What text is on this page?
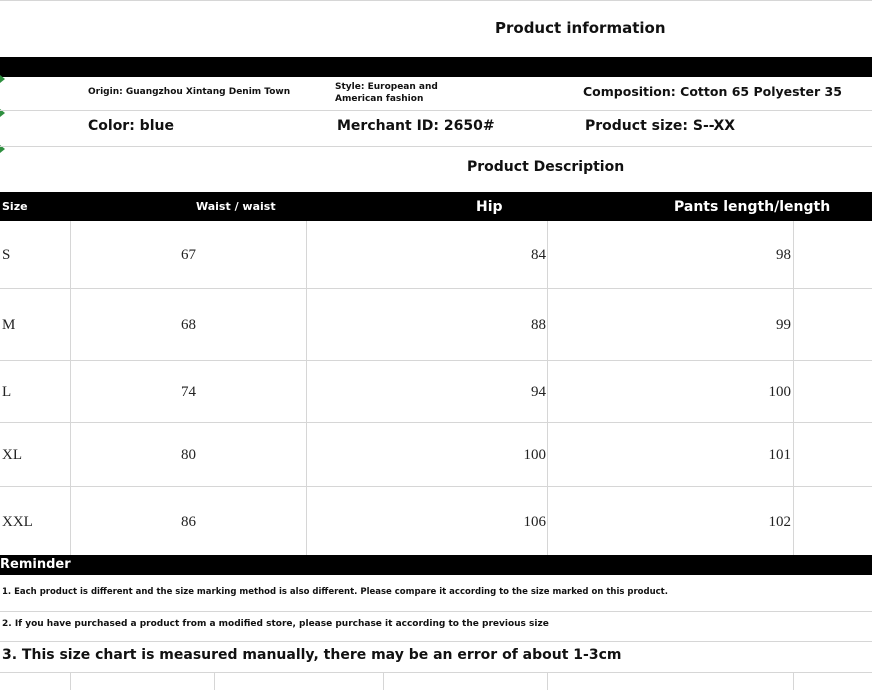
Product information
Origin: Guangzhou Xintang Denim Town	Style: European and
American fashion	Composition: Cotton 65 Polyester 35
Color: blue	Merchant ID: 2650#	Product size: S--XX
Product Description
Size	Waist / waist	Hip	Pants length/length
S	67	84	98
M	68	88	99
L	74	94	100
XL	80	100	101
XXL	86	106	102
Reminder
1. Each product is different and the size marking method is also different. Please compare it according to the size marked on this product.
2. If you have purchased a product from a modified store, please purchase it according to the previous size
3. This size chart is measured manually, there may be an error of about 1-3cm
